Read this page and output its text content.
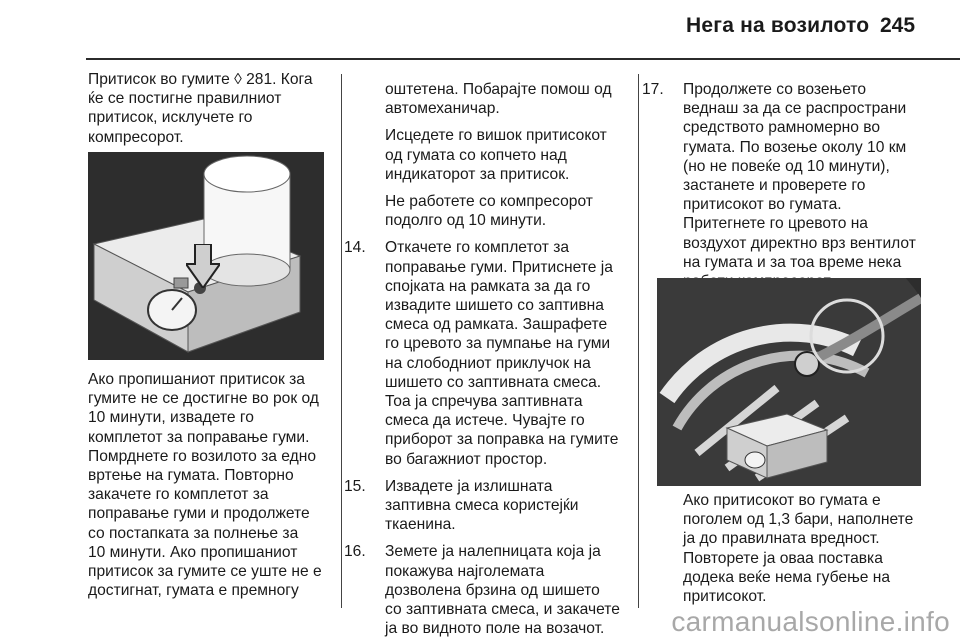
Нега на возилото 245

Притисок во гумите ◊ 281. Кога
ќе се постигне правилниот
притисок, исклучете го
компресорот.

Ако пропишаниот притисок за
гумите не се достигне во рок од
10 минути, извадете го
комплетот за поправање гуми.
Помрднете го возилото за едно
вртење на гумата. Повторно
закачете го комплетот за
поправање гуми и продолжете
со постапката за полнење за
10 минути. Ако пропишаниот
притисок за гумите се уште не е
достигнат, гумата е премногу

оштетена. Побарајте помош од
автомеханичар.

Исцедете го вишок притисокот
од гумата со копчето над
индикаторот за притисок.

Не работете со компресорот
подолго од 10 минути.

14. Откачете го комплетот за
поправање гуми. Притиснете ја
спојката на рамката за да го
извадите шишето со заптивна
смеса од рамката. Зашрафете
го цревото за пумпање на гуми
на слободниот приклучок на
шишето со заптивната смеса.
Тоа ја спречува заптивната
смеса да истече. Чувајте го
приборот за поправка на гумите
во багажниот простор.
15. Извадете ја излишната
заптивна смеса користејќи
ткаенина.
16. Земете ја налепницата која ја
покажува најголемата
дозволена брзина од шишето
со заптивната смеса, и закачете
ја во видното поле на возачот.
17. Продолжете со возењето
веднаш за да се распространи
средството рамномерно во
гумата. По возење околу 10 км
(но не повеќе од 10 минути),
застанете и проверете го
притисокот во гумата.
Притегнете го цревото на
воздухот директно врз вентилот
на гумата и за тоа време нека

Ако притисокот во гумата е
поголем од 1,3 бари, наполнете
ја до правилната вредност.
Повторете ја оваа поставка
додека веќе нема губење на
притисокот.

carmanualsonline.info
